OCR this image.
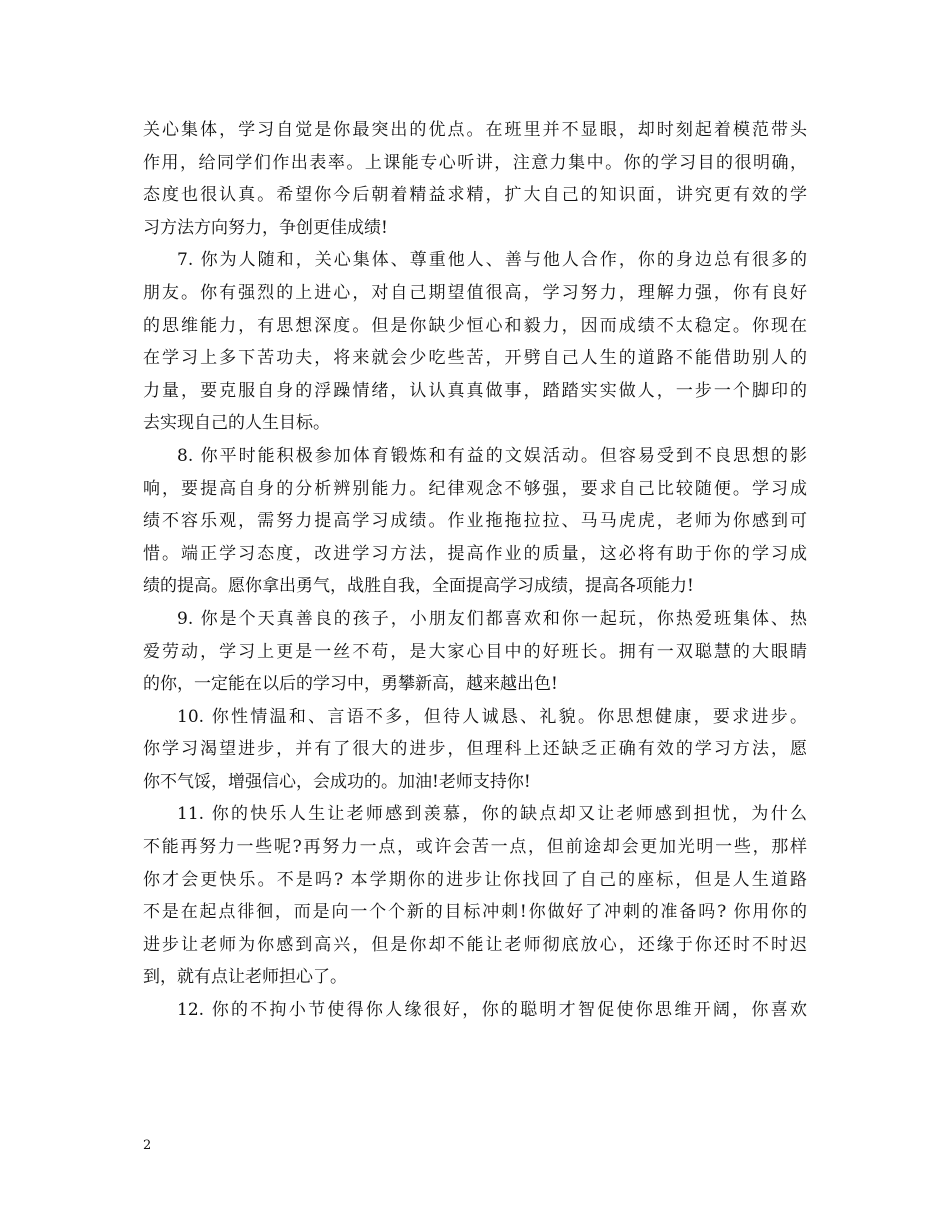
关心集体，学习自觉是你最突出的优点。在班里并不显眼，却时刻起着模范带头
作用，给同学们作出表率。上课能专心听讲，注意力集中。你的学习目的很明确，
态度也很认真。希望你今后朝着精益求精，扩大自己的知识面，讲究更有效的学
习方法方向努力，争创更佳成绩!
7. 你为人随和，关心集体、尊重他人、善与他人合作，你的身边总有很多的
朋友。你有强烈的上进心，对自己期望值很高，学习努力，理解力强，你有良好
的思维能力，有思想深度。但是你缺少恒心和毅力，因而成绩不太稳定。你现在
在学习上多下苦功夫，将来就会少吃些苦，开劈自己人生的道路不能借助别人的
力量，要克服自身的浮躁情绪，认认真真做事，踏踏实实做人，一步一个脚印的
去实现自己的人生目标。
8. 你平时能积极参加体育锻炼和有益的文娱活动。但容易受到不良思想的影
响，要提高自身的分析辨别能力。纪律观念不够强，要求自己比较随便。学习成
绩不容乐观，需努力提高学习成绩。作业拖拖拉拉、马马虎虎，老师为你感到可
惜。端正学习态度，改进学习方法，提高作业的质量，这必将有助于你的学习成
绩的提高。愿你拿出勇气，战胜自我，全面提高学习成绩，提高各项能力!
9. 你是个天真善良的孩子，小朋友们都喜欢和你一起玩，你热爱班集体、热
爱劳动，学习上更是一丝不苟，是大家心目中的好班长。拥有一双聪慧的大眼睛
的你，一定能在以后的学习中，勇攀新高，越来越出色!
10. 你性情温和、言语不多，但待人诚恳、礼貌。你思想健康，要求进步。
你学习渴望进步，并有了很大的进步，但理科上还缺乏正确有效的学习方法，愿
你不气馁，增强信心，会成功的。加油!老师支持你!
11. 你的快乐人生让老师感到羡慕，你的缺点却又让老师感到担忧，为什么
不能再努力一些呢?再努力一点，或许会苦一点，但前途却会更加光明一些，那样
你才会更快乐。不是吗? 本学期你的进步让你找回了自己的座标，但是人生道路
不是在起点徘徊，而是向一个个新的目标冲刺!你做好了冲刺的准备吗? 你用你的
进步让老师为你感到高兴，但是你却不能让老师彻底放心，还缘于你还时不时迟
到，就有点让老师担心了。
12. 你的不拘小节使得你人缘很好，你的聪明才智促使你思维开阔，你喜欢
2
